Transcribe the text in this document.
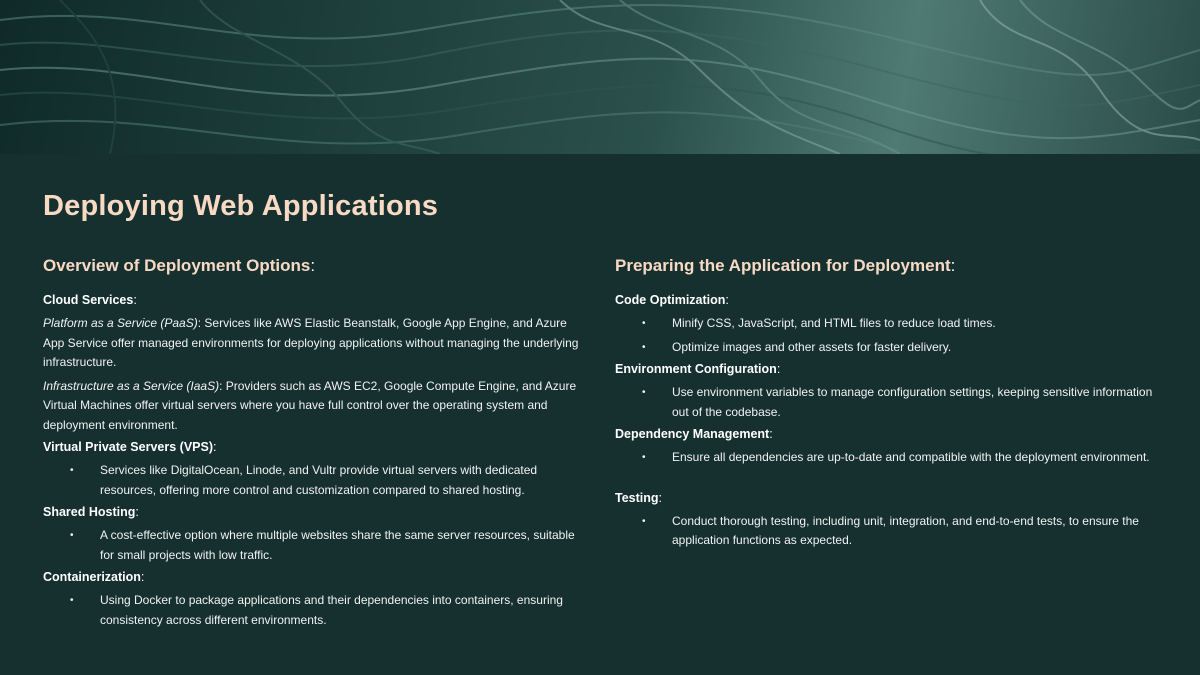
Deploying Web Applications
Overview of Deployment Options:
Cloud Services:

Platform as a Service (PaaS): Services like AWS Elastic Beanstalk, Google App Engine, and Azure App Service offer managed environments for deploying applications without managing the underlying infrastructure.

Infrastructure as a Service (IaaS): Providers such as AWS EC2, Google Compute Engine, and Azure Virtual Machines offer virtual servers where you have full control over the operating system and deployment environment.

Virtual Private Servers (VPS):
• Services like DigitalOcean, Linode, and Vultr provide virtual servers with dedicated resources, offering more control and customization compared to shared hosting.
Shared Hosting:
• A cost-effective option where multiple websites share the same server resources, suitable for small projects with low traffic.
Containerization:
• Using Docker to package applications and their dependencies into containers, ensuring consistency across different environments.
Preparing the Application for Deployment:
Code Optimization:
• Minify CSS, JavaScript, and HTML files to reduce load times.
• Optimize images and other assets for faster delivery.
Environment Configuration:
• Use environment variables to manage configuration settings, keeping sensitive information out of the codebase.
Dependency Management:
• Ensure all dependencies are up-to-date and compatible with the deployment environment.
Testing:
• Conduct thorough testing, including unit, integration, and end-to-end tests, to ensure the application functions as expected.
